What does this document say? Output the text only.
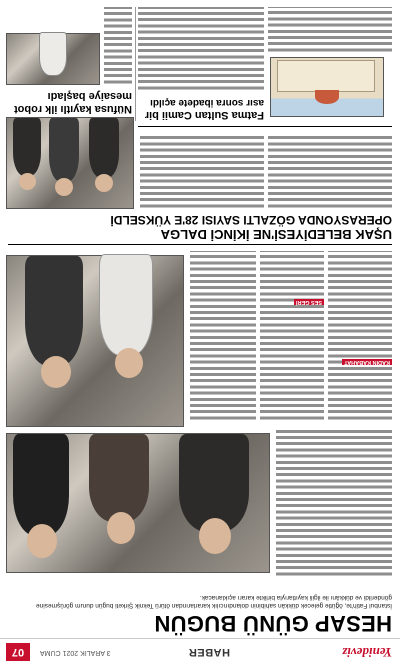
Yenideviz
HABER
3 ARALIK 2021 CUMA
07
HESAP GÜNÜ BUGÜN
İstanbul Fatih'te, öğütle gelecek dükkân sahibinin dolandırıcılık kararlarından ötürü Teknik Şirketi bugün durum görüşmesine gönderildi ve dükkânı ile ilgili kayıtlarıyla birlikte kararı açıklanacak.
KADIN KABAHAT
SES GERİ
UŞAK BELEDİYESİ'NE İKİNCİ DALGA
OPERASYONDA GÖZALTI SAYISI 28'E YÜKSELDİ
Fatma Sultan Camii bir
asır sonra ibadete açıldı
Nüfusa kayıtlı ilk robot
mesaiye başladı
